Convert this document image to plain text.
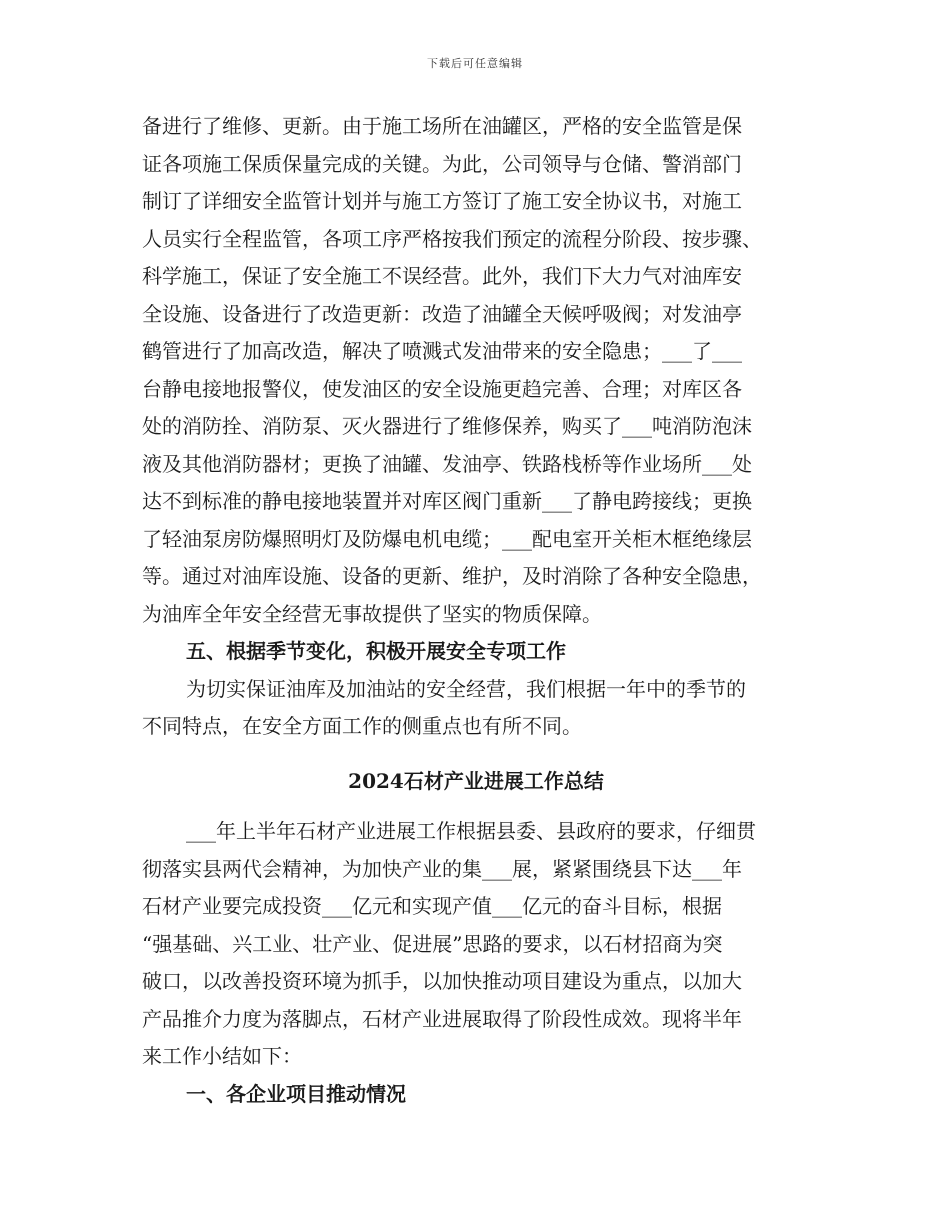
下载后可任意编辑
备进行了维修、更新。由于施工场所在油罐区，严格的安全监管是保
证各项施工保质保量完成的关键。为此，公司领导与仓储、警消部门
制订了详细安全监管计划并与施工方签订了施工安全协议书，对施工
人员实行全程监管，各项工序严格按我们预定的流程分阶段、按步骤、
科学施工，保证了安全施工不误经营。此外，我们下大力气对油库安
全设施、设备进行了改造更新：改造了油罐全天候呼吸阀；对发油亭
鹤管进行了加高改造，解决了喷溅式发油带来的安全隐患；___了___
台静电接地报警仪，使发油区的安全设施更趋完善、合理；对库区各
处的消防拴、消防泵、灭火器进行了维修保养，购买了___吨消防泡沫
液及其他消防器材；更换了油罐、发油亭、铁路栈桥等作业场所___处
达不到标准的静电接地装置并对库区阀门重新___了静电跨接线；更换
了轻油泵房防爆照明灯及防爆电机电缆；___配电室开关柜木框绝缘层
等。通过对油库设施、设备的更新、维护，及时消除了各种安全隐患，
为油库全年安全经营无事故提供了坚实的物质保障。
五、根据季节变化，积极开展安全专项工作
为切实保证油库及加油站的安全经营，我们根据一年中的季节的
不同特点，在安全方面工作的侧重点也有所不同。
2024石材产业进展工作总结
___年上半年石材产业进展工作根据县委、县政府的要求，仔细贯
彻落实县两代会精神，为加快产业的集___展，紧紧围绕县下达___年
石材产业要完成投资___亿元和实现产值___亿元的奋斗目标，根据
“强基础、兴工业、壮产业、促进展”思路的要求，以石材招商为突
破口，以改善投资环境为抓手，以加快推动项目建设为重点，以加大
产品推介力度为落脚点，石材产业进展取得了阶段性成效。现将半年
来工作小结如下：
一、各企业项目推动情况
